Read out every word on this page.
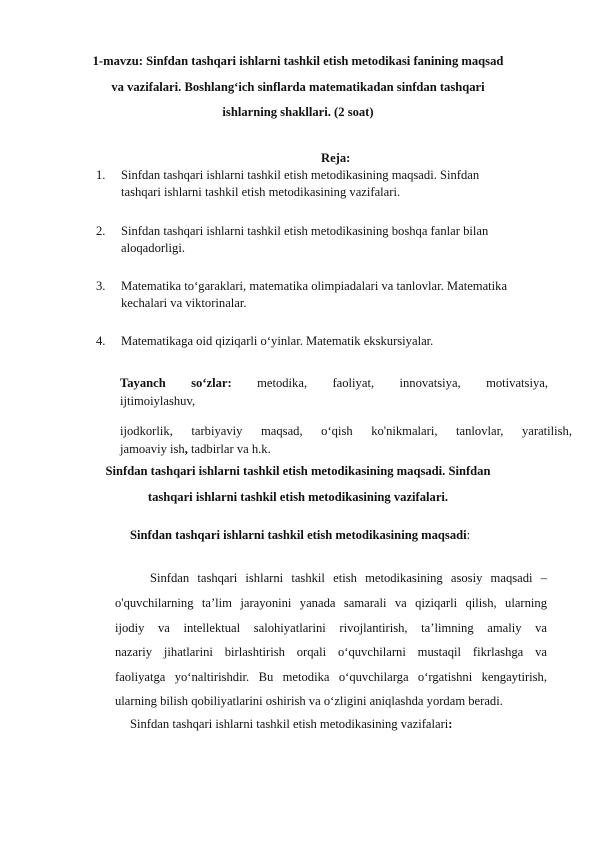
1-mavzu: Sinfdan tashqari ishlarni tashkil etish metodikasi fanining maqsad
va vazifalari. Boshlang‘ich sinflarda matematikadan sinfdan tashqari
ishlarning shakllari. (2 soat)
Reja:
1.	Sinfdan tashqari ishlarni tashkil etish metodikasining maqsadi. Sinfdan
tashqari ishlarni tashkil etish metodikasining vazifalari.
2.	Sinfdan tashqari ishlarni tashkil etish metodikasining boshqa fanlar bilan
aloqadorligi.
3.	Matematika to‘garaklari, matematika olimpiadalari va tanlovlar. Matematika
kechalari va viktorinalar.
4.	Matematikaga oid qiziqarli o‘yinlar. Matematik ekskursiyalar.
Tayanch so‘zlar: metodika, faoliyat, innovatsiya, motivatsiya,
ijtimoiylashuv,
ijodkorlik, tarbiyaviy maqsad, o‘qish ko'nikmalari, tanlovlar, yaratilish,
jamoaviy ish, tadbirlar va h.k.
Sinfdan tashqari ishlarni tashkil etish metodikasining maqsadi. Sinfdan
tashqari ishlarni tashkil etish metodikasining vazifalari.
Sinfdan tashqari ishlarni tashkil etish metodikasining maqsadi:
Sinfdan tashqari ishlarni tashkil etish metodikasining asosiy maqsadi –
o'quvchilarning ta’lim jarayonini yanada samarali va qiziqarli qilish, ularning
ijodiy va intellektual salohiyatlarini rivojlantirish, ta’limning amaliy va
nazariy jihatlarini birlashtirish orqali o‘quvchilarni mustaqil fikrlashga va
faoliyatga yo‘naltirishdir. Bu metodika o‘quvchilarga o‘rgatishni kengaytirish,
ularning bilish qobiliyatlarini oshirish va o‘zligini aniqlashda yordam beradi.
Sinfdan tashqari ishlarni tashkil etish metodikasining vazifalari:
